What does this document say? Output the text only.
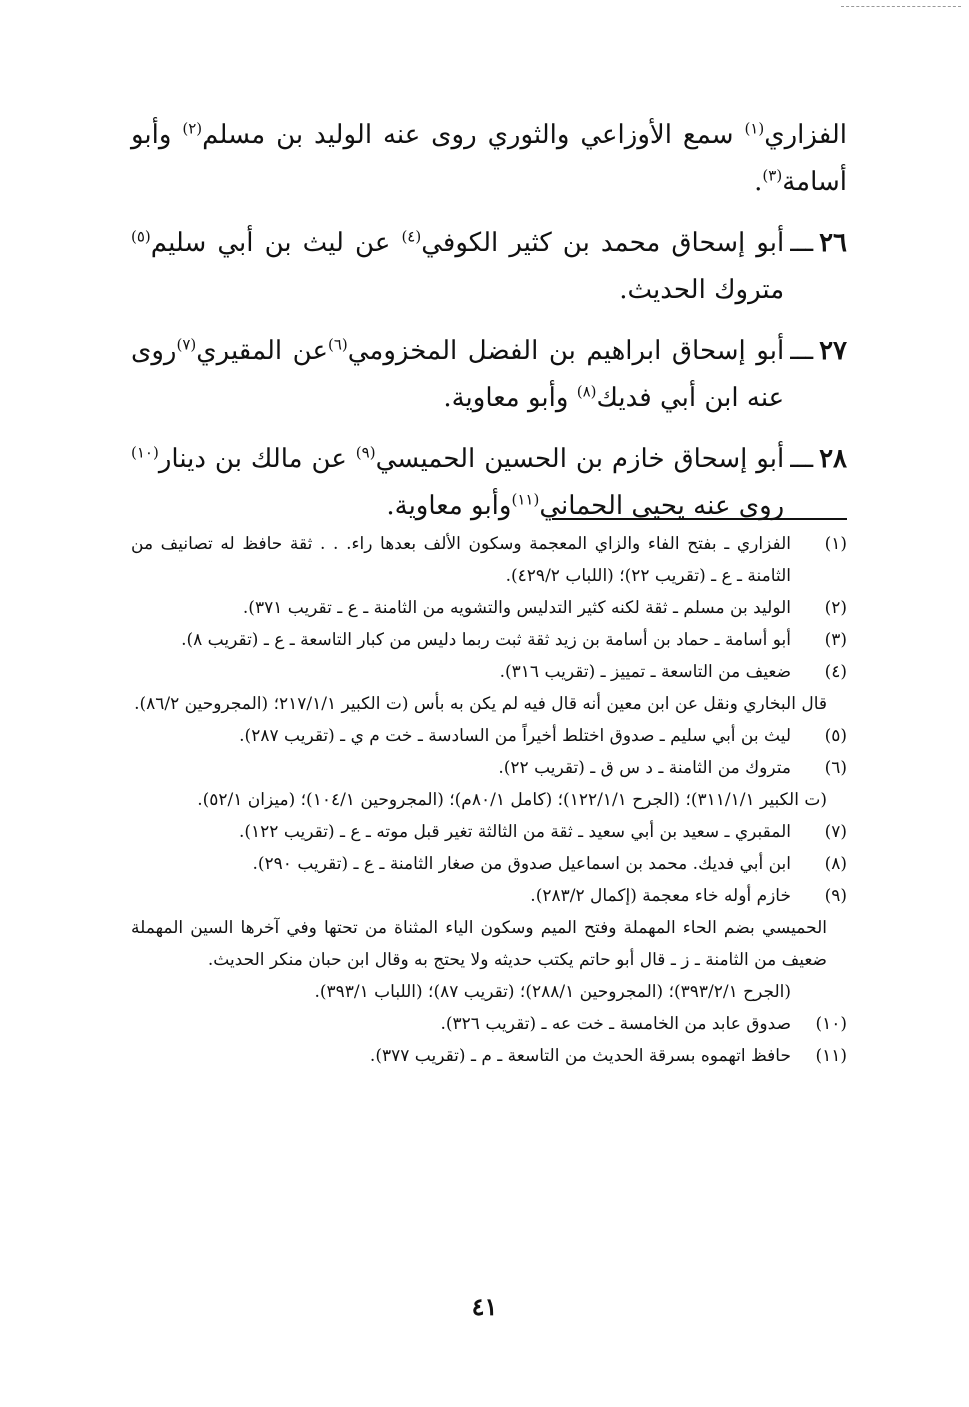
الفزاري$^{(١)}$ سمع الأوزاعي والثوري روى عنه الوليد بن مسلم$^{(٢)}$ وأبو أسامة$^{(٣)}$.

٢٦
ـــ
أبو إسحاق محمد بن كثير الكوفي$^{(٤)}$ عن ليث بن أبي سليم$^{(٥)}$ متروك الحديث.
٢٧
ـــ
أبو إسحاق ابراهيم بن الفضل المخزومي$^{(٦)}$عن المقيري$^{(٧)}$روى عنه ابن أبي فديك$^{(٨)}$ وأبو معاوية.
٢٨
ـــ
أبو إسحاق خازم بن الحسين الحميسي$^{(٩)}$ عن مالك بن دينار$^{(١٠)}$ روى عنه يحيى الحماني$^{(١١)}$وأبو معاوية.
(١)
الفزاري ـ بفتح الفاء والزاي المعجمة وسكون الألف بعدها راء. . . ثقة حافظ له تصانيف من الثامنة ـ ع ـ (تقريب ٢٢)؛ (اللباب ٤٢٩/٢).
(٢)
الوليد بن مسلم ـ ثقة لكنه كثير التدليس والتشويه من الثامنة ـ ع ـ تقريب ٣٧١).
(٣)
أبو أسامة ـ حماد بن أسامة بن زيد ثقة ثبت ربما دليس من كبار التاسعة ـ ع ـ (تقريب ٨).
(٤)
ضعيف من التاسعة ـ تمييز ـ (تقريب ٣١٦).

قال البخاري ونقل عن ابن معين أنه قال فيه لم يكن به بأس (ت الكبير ٢١٧/١/١؛ (المجروحين ٨٦/٢).

(٥)
ليث بن أبي سليم ـ صدوق اختلط أخيراً من السادسة ـ خت م ي ـ (تقريب ٢٨٧).
(٦)
متروك من الثامنة ـ د س ق ـ (تقريب ٢٢).

(ت الكبير ٣١١/١/١)؛ (الجرح ١٢٢/١/١)؛ (كامل ٨٠/١م)؛ (المجروحين ١٠٤/١)؛ (ميزان ٥٢/١).

(٧)
المقبري ـ سعيد بن أبي سعيد ـ ثقة من الثالثة تغير قبل موته ـ ع ـ (تقريب ١٢٢).
(٨)
ابن أبي فديك. محمد بن اسماعيل صدوق من صغار الثامنة ـ ع ـ (تقريب ٢٩٠).
(٩)
خازم أوله خاء معجمة (إكمال ٢٨٣/٢).

الحميسي بضم الحاء المهملة وفتح الميم وسكون الياء المثناة من تحتها وفي آخرها السين المهملة ضعيف من الثامنة ـ ز ـ قال أبو حاتم يكتب حديثه ولا يحتج به وقال ابن حبان منكر الحديث.

(الجرح ٣٩٣/٢/١)؛ (المجروحين ٢٨٨/١)؛ (تقريب ٨٧)؛ (اللباب ٣٩٣/١).

(١٠)
صدوق عابد من الخامسة ـ خت عه ـ (تقريب ٣٢٦).
(١١)
حافظ اتهموه بسرقة الحديث من التاسعة ـ م ـ (تقريب ٣٧٧).
٤١
